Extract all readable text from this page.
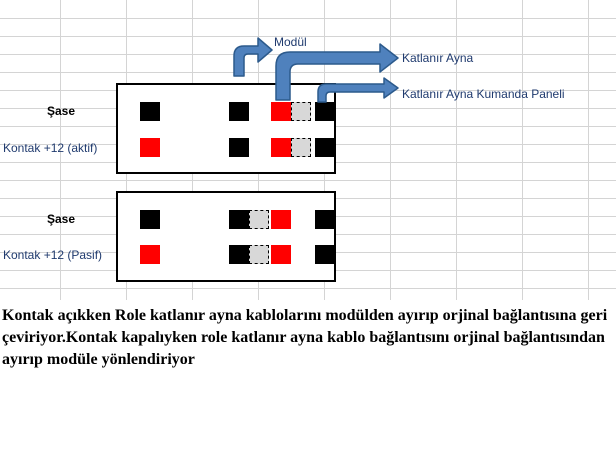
Modül
Katlanır Ayna
Katlanır Ayna Kumanda Paneli
Şase
Kontak +12 (aktif)
Şase
Kontak +12 (Pasif)
Kontak açıkken Role katlanır ayna kablolarını modülden ayırıp orjinal bağlantısına geri çeviriyor.Kontak kapalıyken role katlanır ayna kablo bağlantısını orjinal bağlantısından ayırıp modüle yönlendiriyor
